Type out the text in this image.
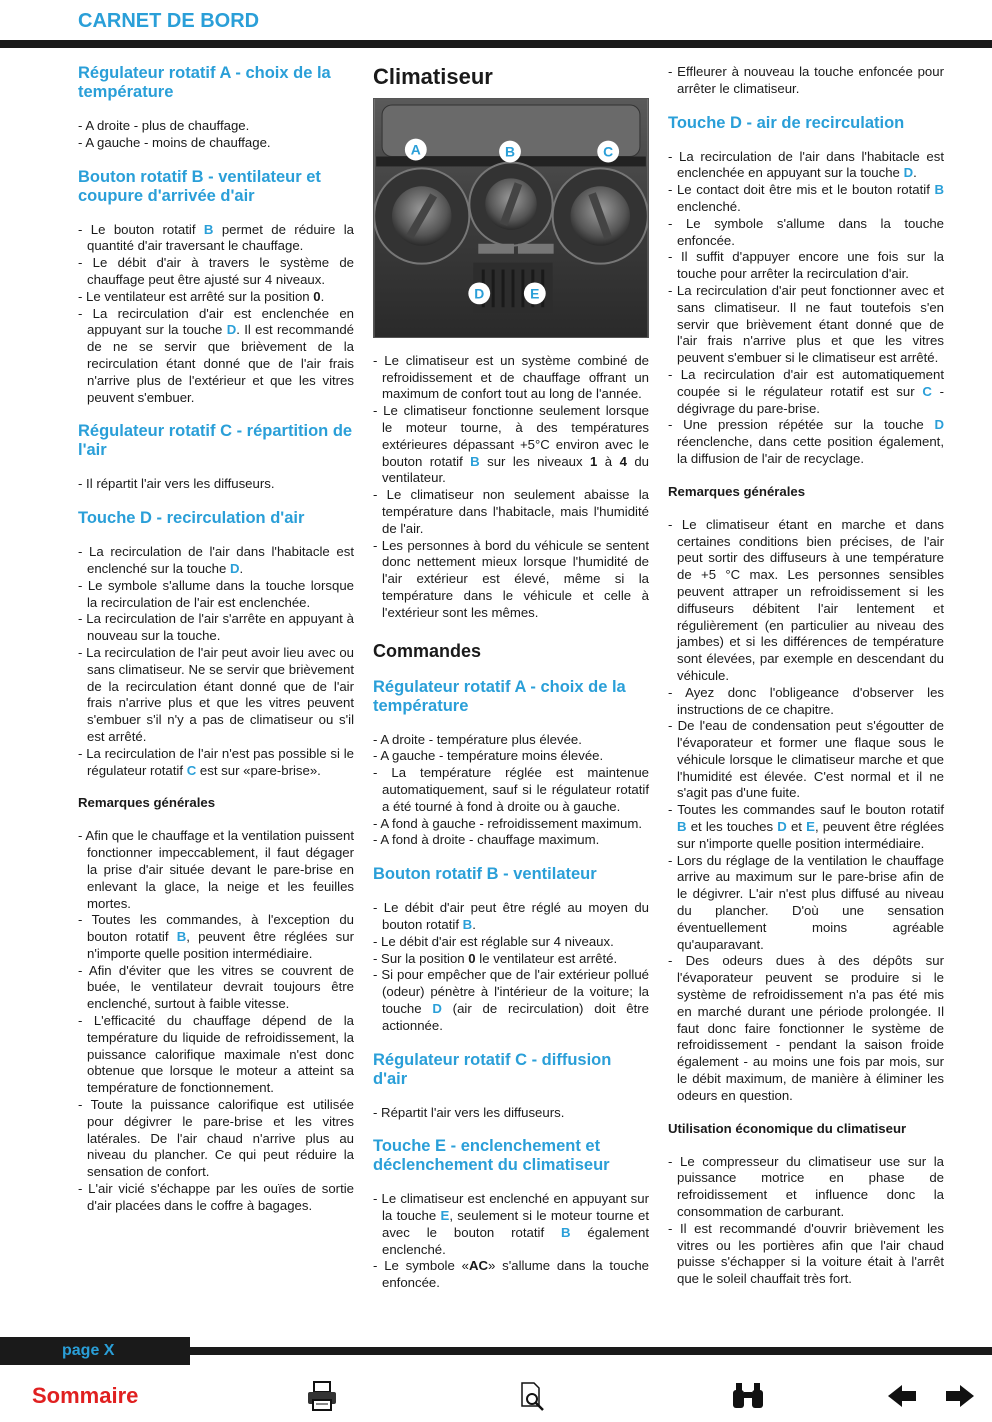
CARNET DE BORD
Régulateur rotatif A - choix de la température

- A droite - plus de chauffage.

- A gauche - moins de chauffage.

Bouton rotatif B - ventilateur et coupure d'arrivée d'air

- Le bouton rotatif B permet de réduire la quantité d'air traversant le chauffage.

- Le débit d'air à travers le système de chauffage peut être ajusté sur 4 niveaux.

- Le ventilateur est arrêté sur la position 0.

- La recirculation d'air est enclenchée en appuyant sur la touche D. Il est recommandé de ne se servir que brièvement de la recirculation étant donné que de l'air frais n'arrive plus de l'extérieur et que les vitres peuvent s'embuer.

Régulateur rotatif C - répartition de l'air

- Il répartit l'air vers les diffuseurs.

Touche D - recirculation d'air

- La recirculation de l'air dans l'habitacle est enclenché sur la touche D.

- Le symbole s'allume dans la touche lorsque la recirculation de l'air est enclenchée.

- La recirculation de l'air s'arrête en appuyant à nouveau sur la touche.

- La recirculation de l'air peut avoir lieu avec ou sans climatiseur. Ne se servir que brièvement de la recirculation étant donné que de l'air frais n'arrive plus et que les vitres peuvent s'embuer s'il n'y a pas de climatiseur ou s'il est arrêté.

- La recirculation de l'air n'est pas possible si le régulateur rotatif C est sur «pare-brise».

Remarques générales

- Afin que le chauffage et la ventilation puissent fonctionner impeccablement, il faut dégager la prise d'air située devant le pare-brise en enlevant la glace, la neige et les feuilles mortes.

- Toutes les commandes, à l'exception du bouton rotatif B, peuvent être réglées sur n'importe quelle position intermédiaire.

- Afin d'éviter que les vitres se couvrent de buée, le ventilateur devrait toujours être enclenché, surtout à faible vitesse.

- L'efficacité du chauffage dépend de la température du liquide de refroidissement, la puissance calorifique maximale n'est donc obtenue que lorsque le moteur a atteint sa température de fonctionnement.

- Toute la puissance calorifique est utilisée pour dégivrer le pare-brise et les vitres latérales. De l'air chaud n'arrive plus au niveau du plancher. Ce qui peut réduire la sensation de confort.

- L'air vicié s'échappe par les ouïes de sortie d'air placées dans le coffre à bagages.

Climatiseur
A	B	C
D	E

- Le climatiseur est un système combiné de refroidissement et de chauffage offrant un maximum de confort tout au long de l'année.

- Le climatiseur fonctionne seulement lorsque le moteur tourne, à des températures extérieures dépassant +5°C environ avec le bouton rotatif B sur les niveaux 1 à 4 du ventilateur.

- Le climatiseur non seulement abaisse la température dans l'habitacle, mais l'humidité de l'air.

- Les personnes à bord du véhicule se sentent donc nettement mieux lorsque l'humidité de l'air extérieur est élevé, même si la température dans le véhicule et celle à l'extérieur sont les mêmes.

Commandes
Régulateur rotatif A - choix de la température

- A droite - température plus élevée.

- A gauche - température moins élevée.

- La température réglée est maintenue automatiquement, sauf si le régulateur rotatif a été tourné à fond à droite ou à gauche.

- A fond à gauche - refroidissement maximum.

- A fond à droite - chauffage maximum.

Bouton rotatif B - ventilateur

- Le débit d'air peut être réglé au moyen du bouton rotatif B.

- Le débit d'air est réglable sur 4 niveaux.

- Sur la position 0 le ventilateur est arrêté.

- Si pour empêcher que de l'air extérieur pollué (odeur) pénètre à l'intérieur de la voiture; la touche D (air de recirculation) doit être actionnée.

Régulateur rotatif C - diffusion d'air

- Répartit l'air vers les diffuseurs.

Touche E - enclenchement et déclenchement du climatiseur

- Le climatiseur est enclenché en appuyant sur la touche E, seulement si le moteur tourne et avec le bouton rotatif B également enclenché.

- Le symbole «AC» s'allume dans la touche enfoncée.

- Effleurer à nouveau la touche enfoncée pour arrêter le climatiseur.

Touche D - air de recirculation

- La recirculation de l'air dans l'habitacle est enclenchée en appuyant sur la touche D.

- Le contact doit être mis et le bouton rotatif B enclenché.

- Le symbole s'allume dans la touche enfoncée.

- Il suffit d'appuyer encore une fois sur la touche pour arrêter la recirculation d'air.

- La recirculation d'air peut fonctionner avec et sans climatiseur. Il ne faut toutefois s'en servir que brièvement étant donné que de l'air frais n'arrive plus et que les vitres peuvent s'embuer si le climatiseur est arrêté.

- La recirculation d'air est automatiquement coupée si le régulateur rotatif est sur C - dégivrage du pare-brise.

- Une pression répétée sur la touche D réenclenche, dans cette position également, la diffusion de l'air de recyclage.

Remarques générales

- Le climatiseur étant en marche et dans certaines conditions bien précises, de l'air peut sortir des diffuseurs à une température de +5 °C max. Les personnes sensibles peuvent attraper un refroidissement si les diffuseurs débitent l'air lentement et régulièrement (en particulier au niveau des jambes) et si les différences de température sont élevées, par exemple en descendant du véhicule.

- Ayez donc l'obligeance d'observer les instructions de ce chapitre.

- De l'eau de condensation peut s'égoutter de l'évaporateur et former une flaque sous le véhicule lorsque le climatiseur marche et que l'humidité est élevée. C'est normal et il ne s'agit pas d'une fuite.

- Toutes les commandes sauf le bouton rotatif B et les touches D et E, peuvent être réglées sur n'importe quelle position intermédiaire.

- Lors du réglage de la ventilation le chauffage arrive au maximum sur le pare-brise afin de le dégivrer. L'air n'est plus diffusé au niveau du plancher. D'où une sensation éventuellement moins agréable qu'auparavant.

- Des odeurs dues à des dépôts sur l'évaporateur peuvent se produire si le système de refroidissement n'a pas été mis en marché durant une période prolongée. Il faut donc faire fonctionner le système de refroidissement - pendant la saison froide également - au moins une fois par mois, sur le débit maximum, de manière à éliminer les odeurs en question.

Utilisation économique du climatiseur

- Le compresseur du climatiseur use sur la puissance motrice en phase de refroidissement et influence donc la consommation de carburant.

- Il est recommandé d'ouvrir brièvement les vitres ou les portières afin que l'air chaud puisse s'échapper si la voiture était à l'arrêt que le soleil chauffait très fort.

page X
Sommaire
